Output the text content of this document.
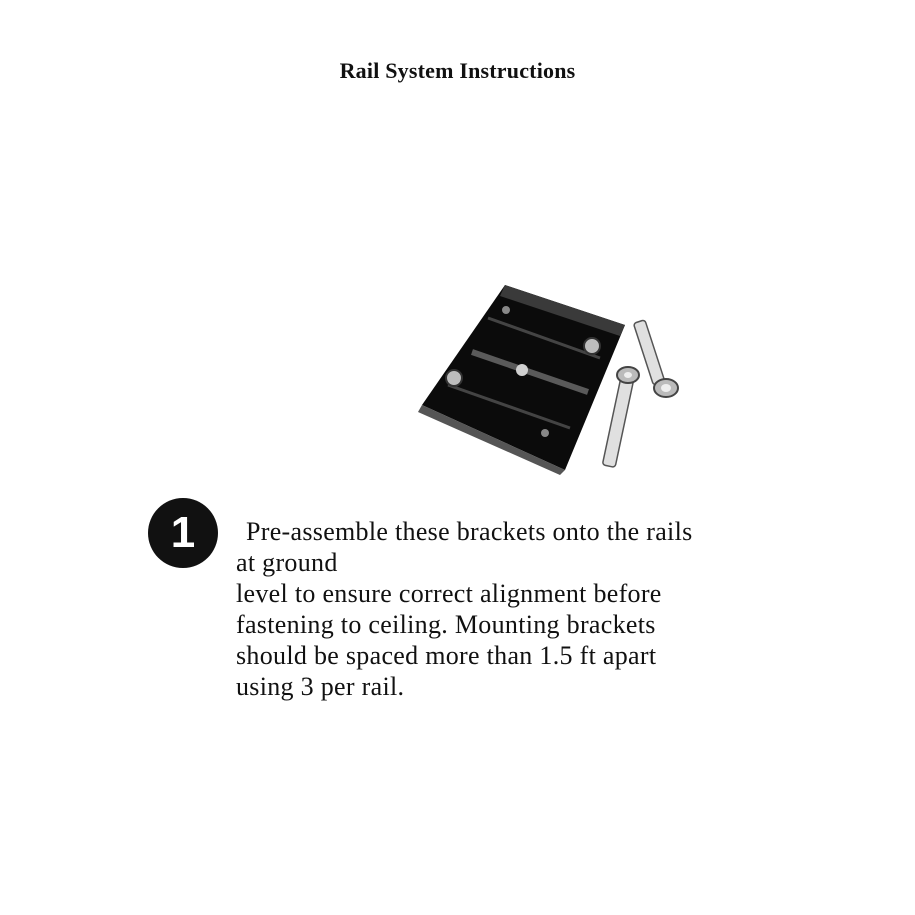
Rail System Instructions
1	Pre-assemble these brackets onto the rails
at ground
level to ensure correct alignment before
fastening to ceiling. Mounting brackets
should be spaced more than 1.5 ft apart
using 3 per rail.
